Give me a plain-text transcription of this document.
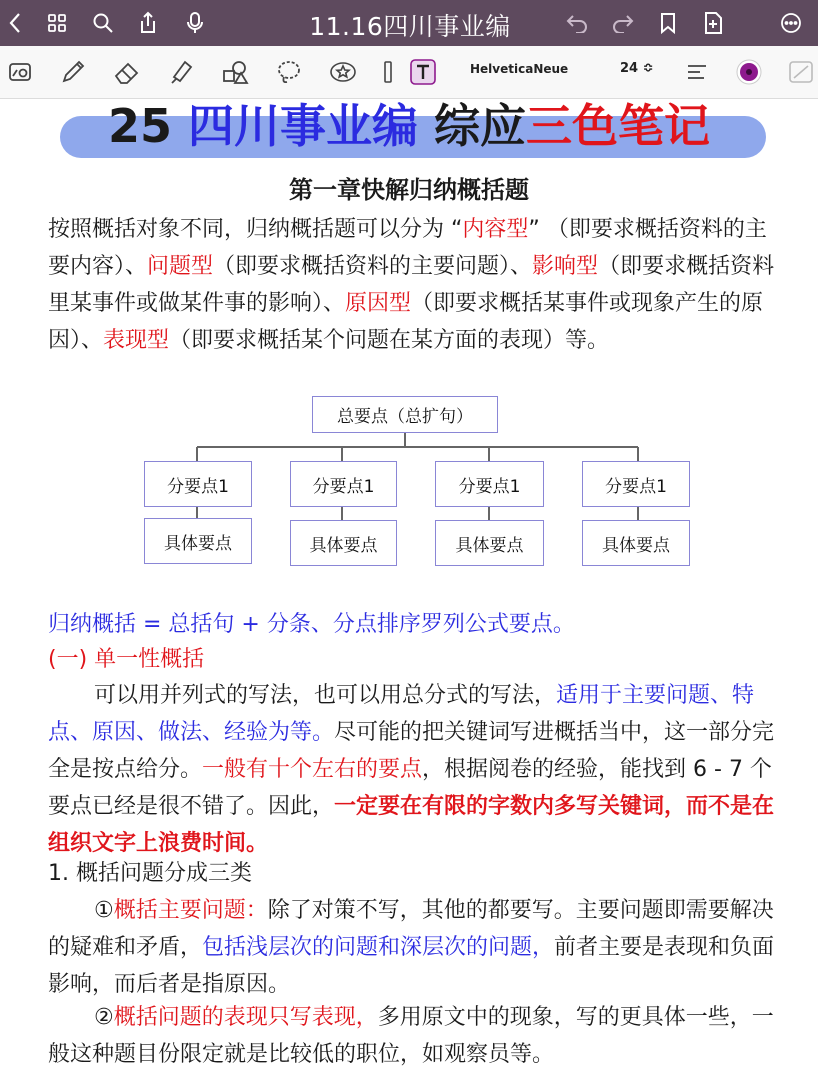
11.16四川事业编
HelveticaNeue	24 ≎
25 四川事业编 综应三色笔记
第一章快解归纳概括题

按照概括对象不同，归纳概括题可以分为 “内容型” （即要求概括资料的主要内容）、问题型（即要求概括资料的主要问题）、影响型（即要求概括资料里某事件或做某件事的影响）、原因型（即要求概括某事件或现象产生的原因）、表现型（即要求概括某个问题在某方面的表现）等。

总要点（总扩句）
分要点1	分要点1	分要点1	分要点1
具体要点	具体要点	具体要点	具体要点

归纳概括 = 总括句 + 分条、分点排序罗列公式要点。

(一) 单一性概括

可以用并列式的写法，也可以用总分式的写法，适用于主要问题、特点、原因、做法、经验为等。尽可能的把关键词写进概括当中，这一部分完全是按点给分。一般有十个左右的要点，根据阅卷的经验，能找到 6 - 7 个要点已经是很不错了。因此，一定要在有限的字数内多写关键词，而不是在组织文字上浪费时间。

1. 概括问题分成三类

①概括主要问题：除了对策不写，其他的都要写。主要问题即需要解决的疑难和矛盾，包括浅层次的问题和深层次的问题，前者主要是表现和负面影响，而后者是指原因。

②概括问题的表现只写表现，多用原文中的现象，写的更具体一些，一般这种题目份限定就是比较低的职位，如观察员等。
